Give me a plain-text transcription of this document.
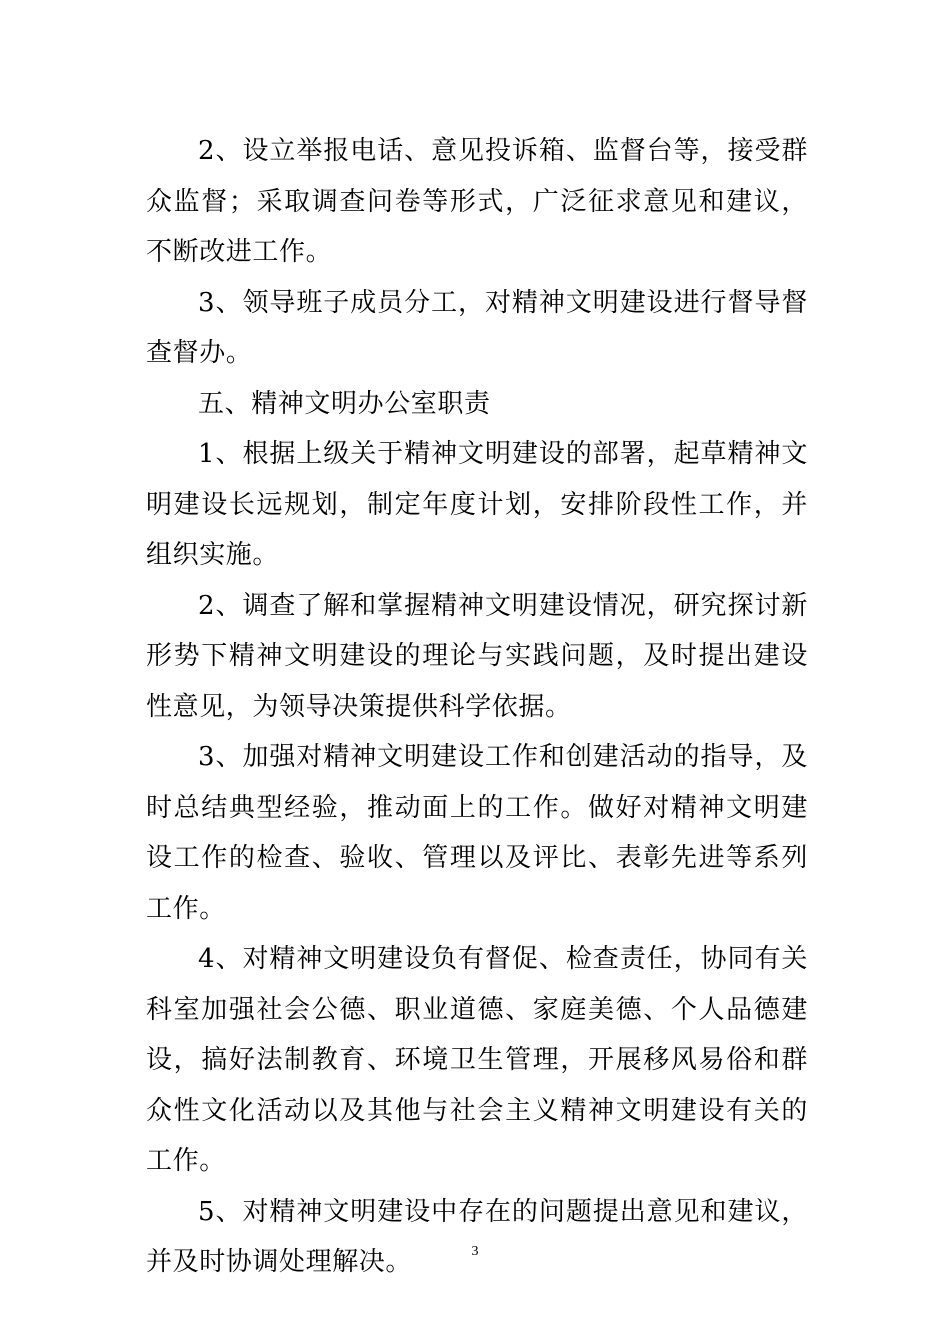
2、设立举报电话、意见投诉箱、监督台等，接受群众监督；采取调查问卷等形式，广泛征求意见和建议，不断改进工作。

3、领导班子成员分工，对精神文明建设进行督导督查督办。

五、精神文明办公室职责

1、根据上级关于精神文明建设的部署，起草精神文明建设长远规划，制定年度计划，安排阶段性工作，并组织实施。

2、调查了解和掌握精神文明建设情况，研究探讨新形势下精神文明建设的理论与实践问题，及时提出建设性意见，为领导决策提供科学依据。

3、加强对精神文明建设工作和创建活动的指导，及时总结典型经验，推动面上的工作。做好对精神文明建设工作的检查、验收、管理以及评比、表彰先进等系列工作。

4、对精神文明建设负有督促、检查责任，协同有关科室加强社会公德、职业道德、家庭美德、个人品德建设，搞好法制教育、环境卫生管理，开展移风易俗和群众性文化活动以及其他与社会主义精神文明建设有关的工作。

5、对精神文明建设中存在的问题提出意见和建议，并及时协调处理解决。	3
